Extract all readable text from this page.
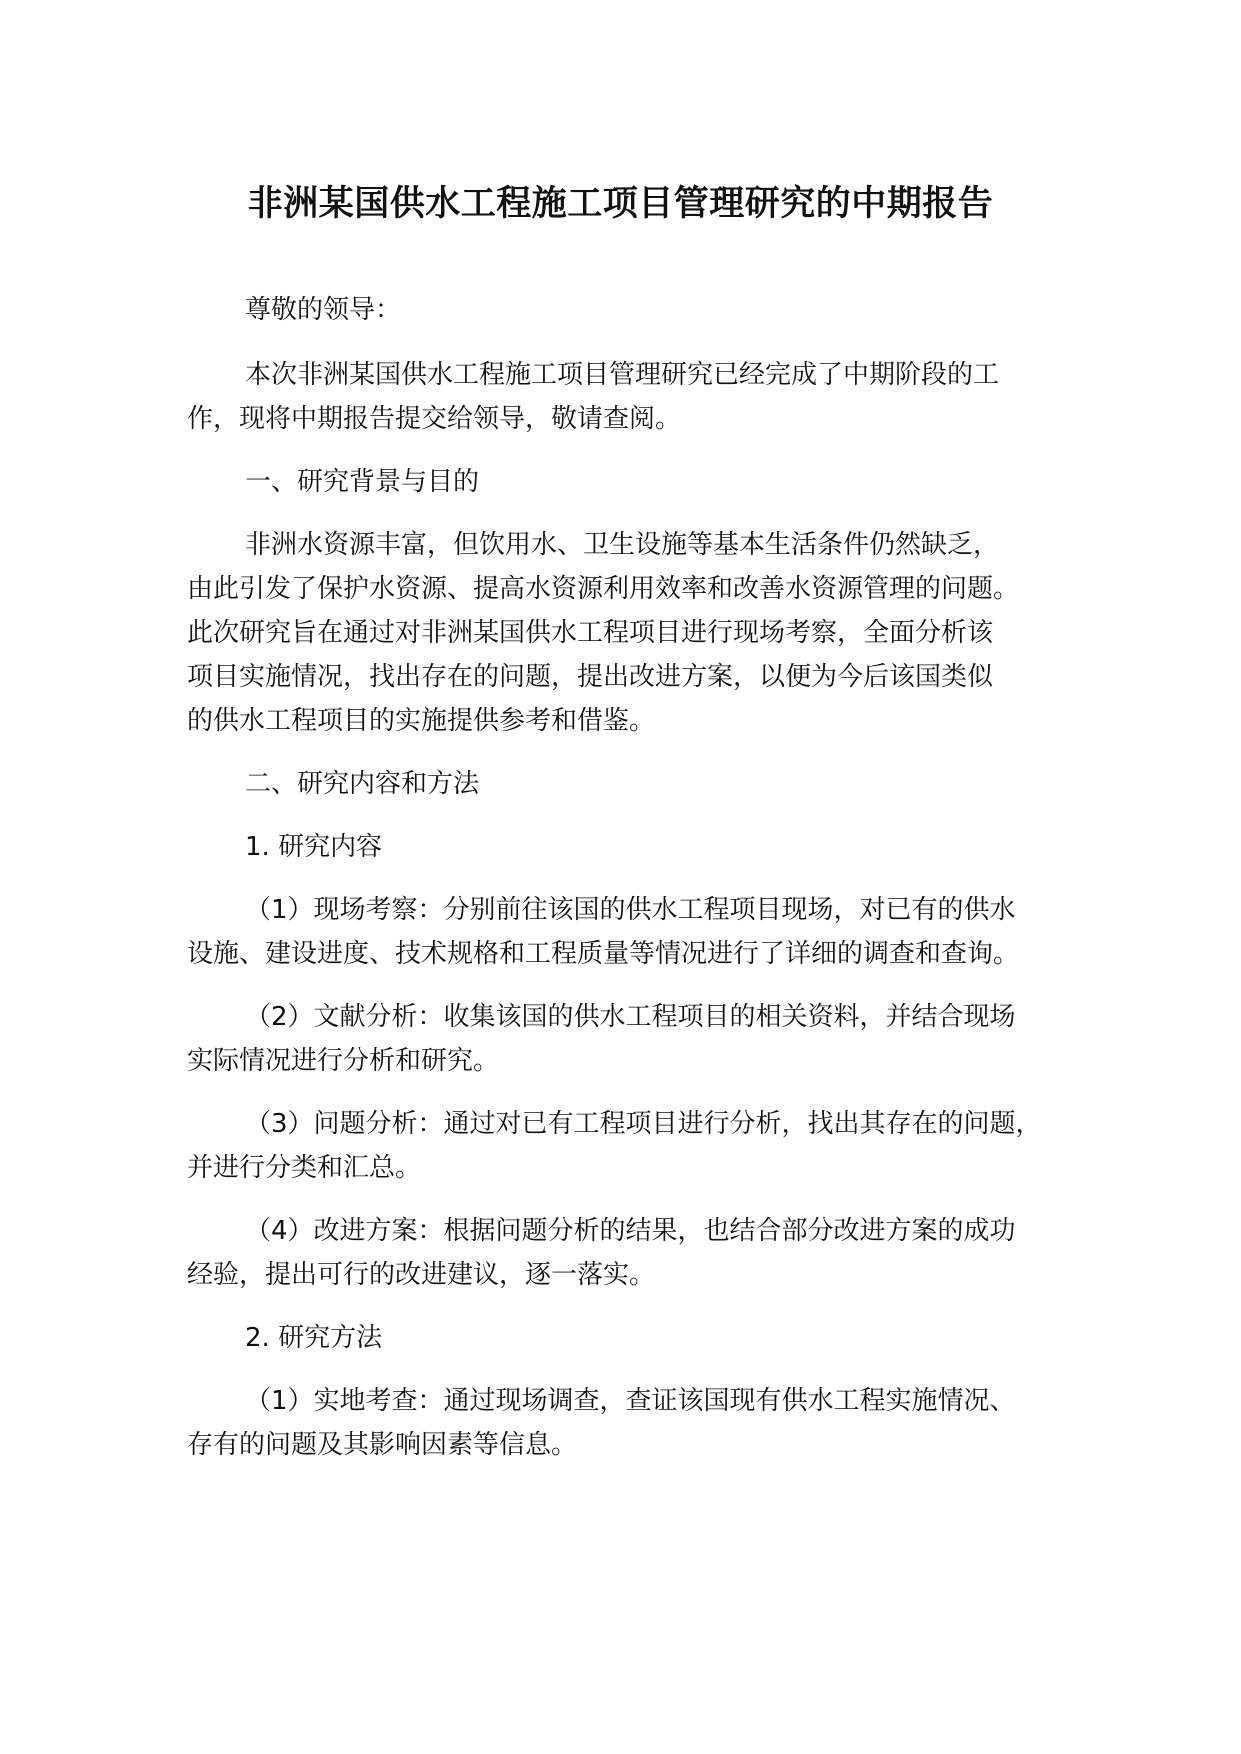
非洲某国供水工程施工项目管理研究的中期报告

尊敬的领导：

本次非洲某国供水工程施工项目管理研究已经完成了中期阶段的工
作，现将中期报告提交给领导，敬请查阅。

一、研究背景与目的

非洲水资源丰富，但饮用水、卫生设施等基本生活条件仍然缺乏，
由此引发了保护水资源、提高水资源利用效率和改善水资源管理的问题。
此次研究旨在通过对非洲某国供水工程项目进行现场考察，全面分析该
项目实施情况，找出存在的问题，提出改进方案，以便为今后该国类似
的供水工程项目的实施提供参考和借鉴。

二、研究内容和方法

1. 研究内容

（1）现场考察：分别前往该国的供水工程项目现场，对已有的供水
设施、建设进度、技术规格和工程质量等情况进行了详细的调查和查询。

（2）文献分析：收集该国的供水工程项目的相关资料，并结合现场
实际情况进行分析和研究。

（3）问题分析：通过对已有工程项目进行分析，找出其存在的问题，
并进行分类和汇总。

（4）改进方案：根据问题分析的结果，也结合部分改进方案的成功
经验，提出可行的改进建议，逐一落实。

2. 研究方法

（1）实地考查：通过现场调查，查证该国现有供水工程实施情况、
存有的问题及其影响因素等信息。
